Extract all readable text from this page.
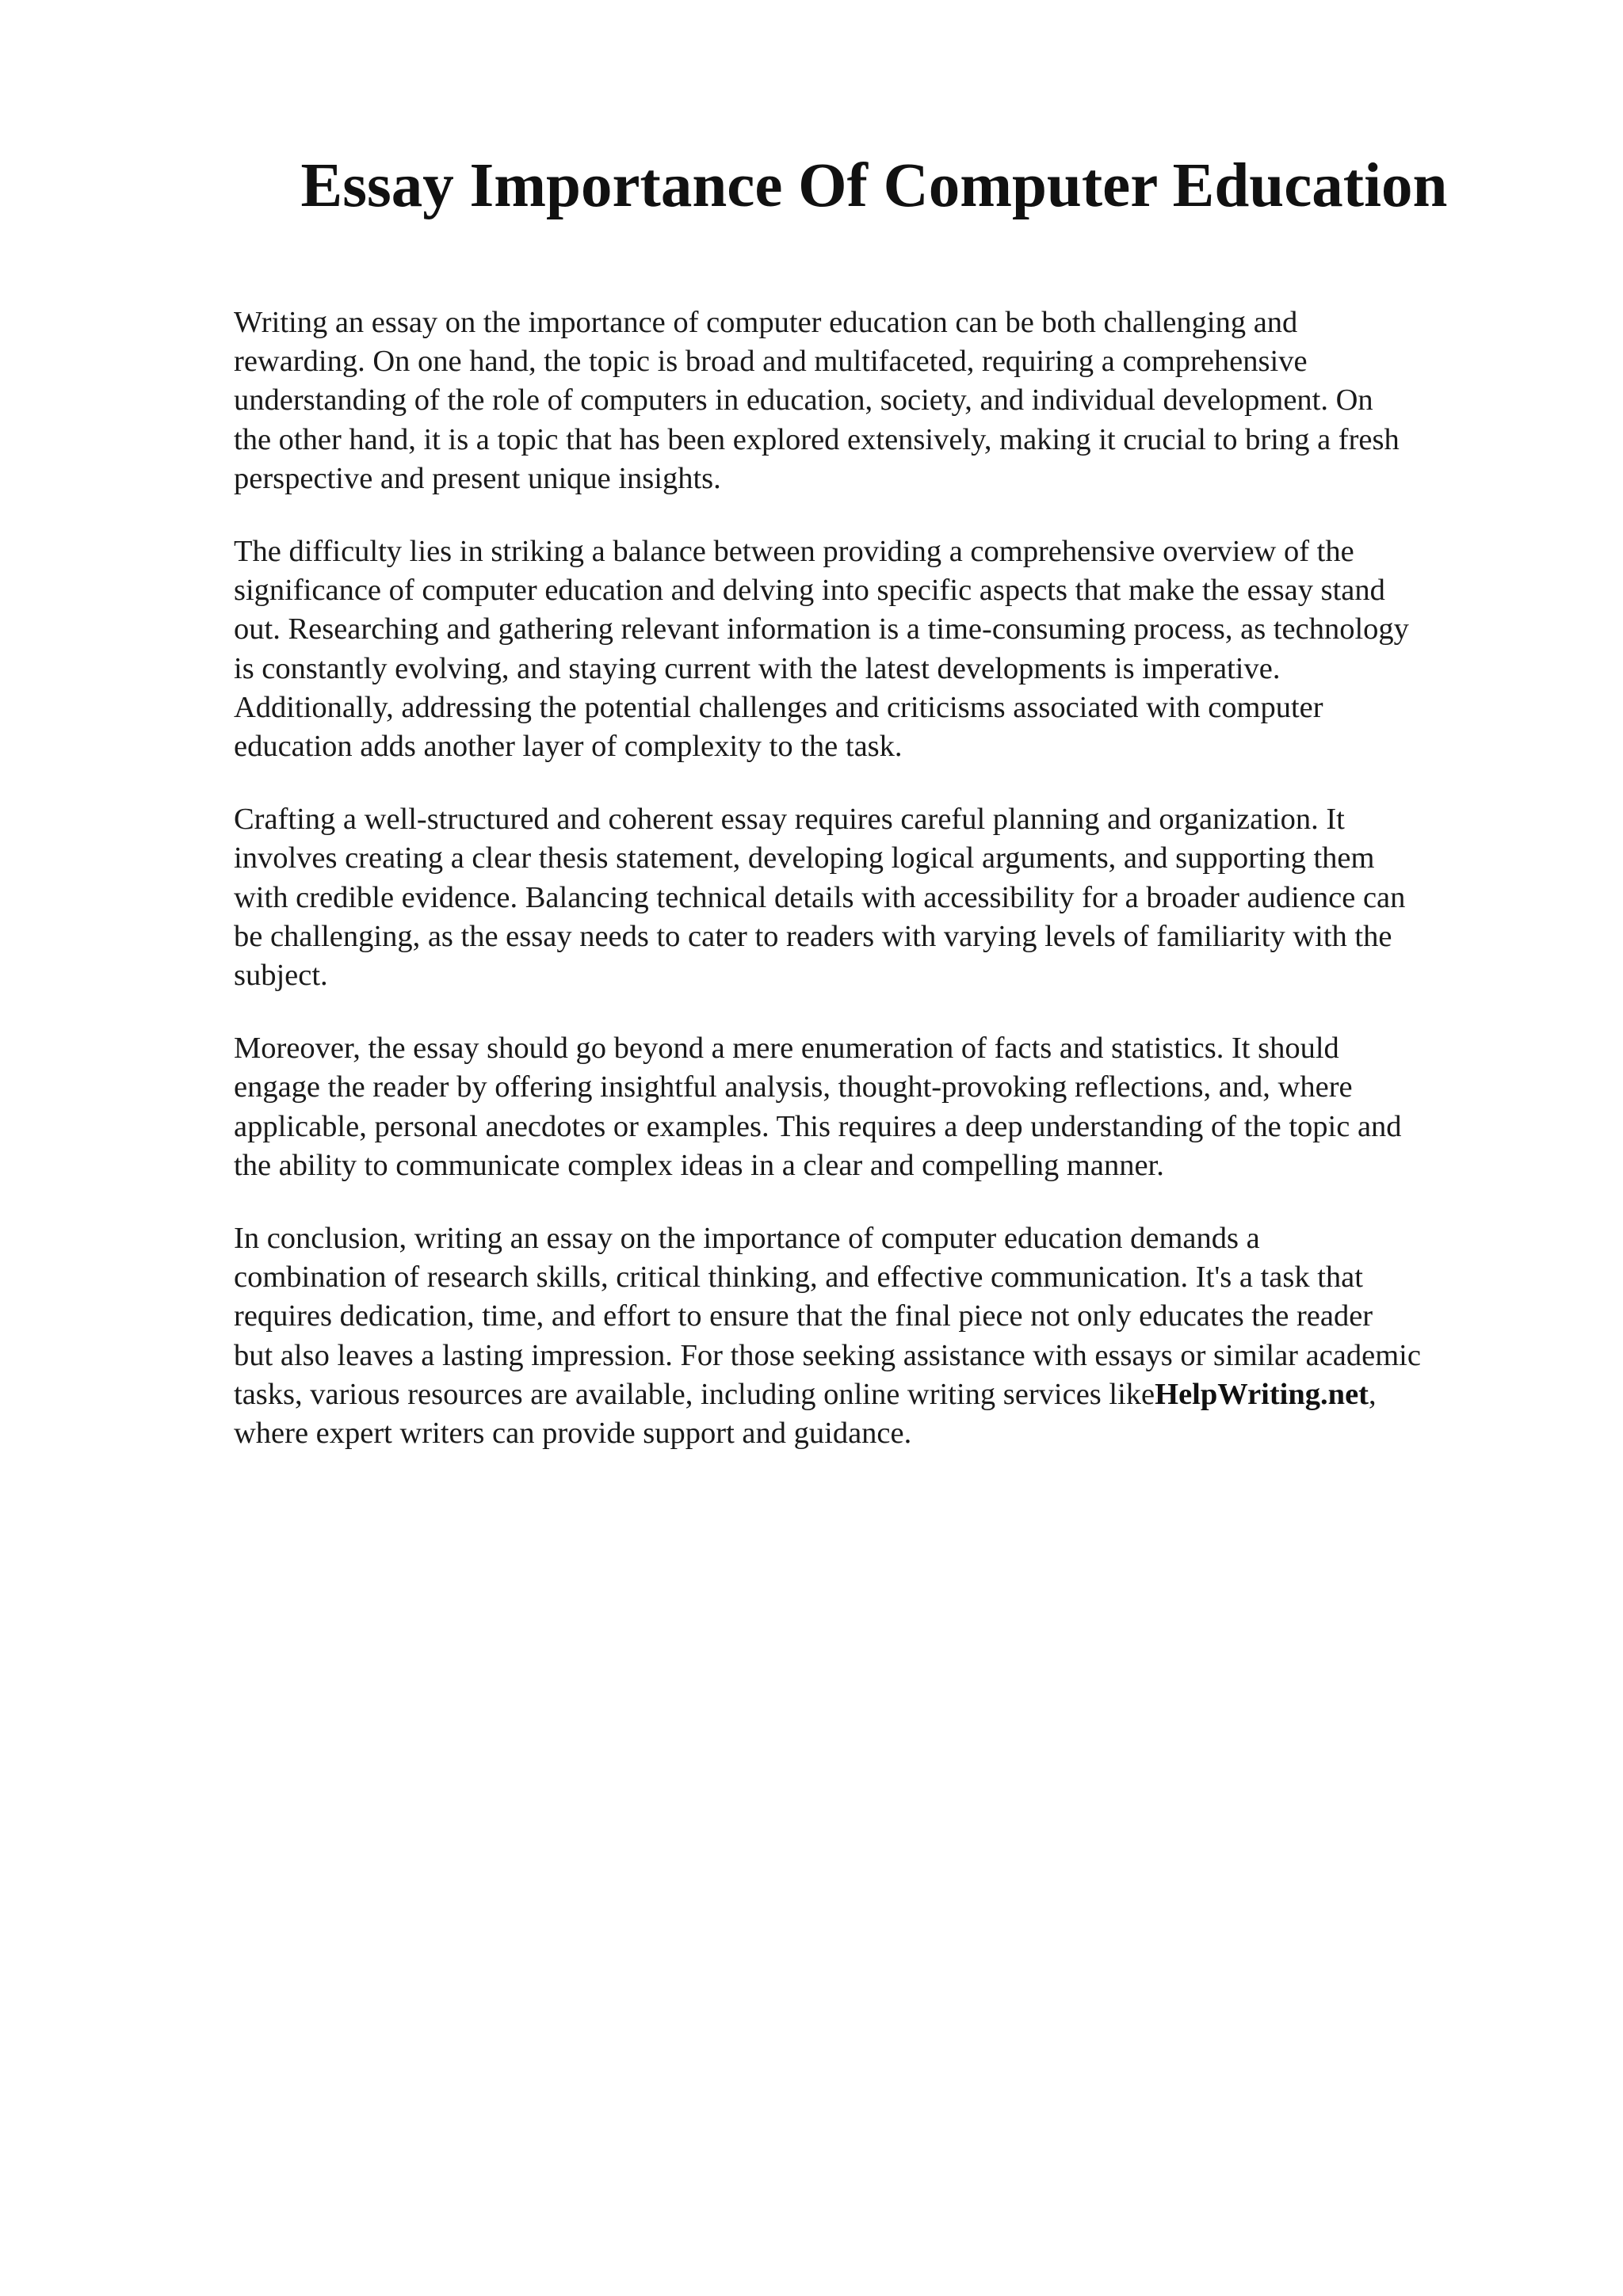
Essay Importance Of Computer Education

Writing an essay on the importance of computer education can be both challenging and
rewarding. On one hand, the topic is broad and multifaceted, requiring a comprehensive
understanding of the role of computers in education, society, and individual development. On
the other hand, it is a topic that has been explored extensively, making it crucial to bring a fresh
perspective and present unique insights.

The difficulty lies in striking a balance between providing a comprehensive overview of the
significance of computer education and delving into specific aspects that make the essay stand
out. Researching and gathering relevant information is a time-consuming process, as technology
is constantly evolving, and staying current with the latest developments is imperative.
Additionally, addressing the potential challenges and criticisms associated with computer
education adds another layer of complexity to the task.

Crafting a well-structured and coherent essay requires careful planning and organization. It
involves creating a clear thesis statement, developing logical arguments, and supporting them
with credible evidence. Balancing technical details with accessibility for a broader audience can
be challenging, as the essay needs to cater to readers with varying levels of familiarity with the
subject.

Moreover, the essay should go beyond a mere enumeration of facts and statistics. It should
engage the reader by offering insightful analysis, thought-provoking reflections, and, where
applicable, personal anecdotes or examples. This requires a deep understanding of the topic and
the ability to communicate complex ideas in a clear and compelling manner.

In conclusion, writing an essay on the importance of computer education demands a
combination of research skills, critical thinking, and effective communication. It's a task that
requires dedication, time, and effort to ensure that the final piece not only educates the reader
but also leaves a lasting impression. For those seeking assistance with essays or similar academic
tasks, various resources are available, including online writing services likeHelpWriting.net,
where expert writers can provide support and guidance.
